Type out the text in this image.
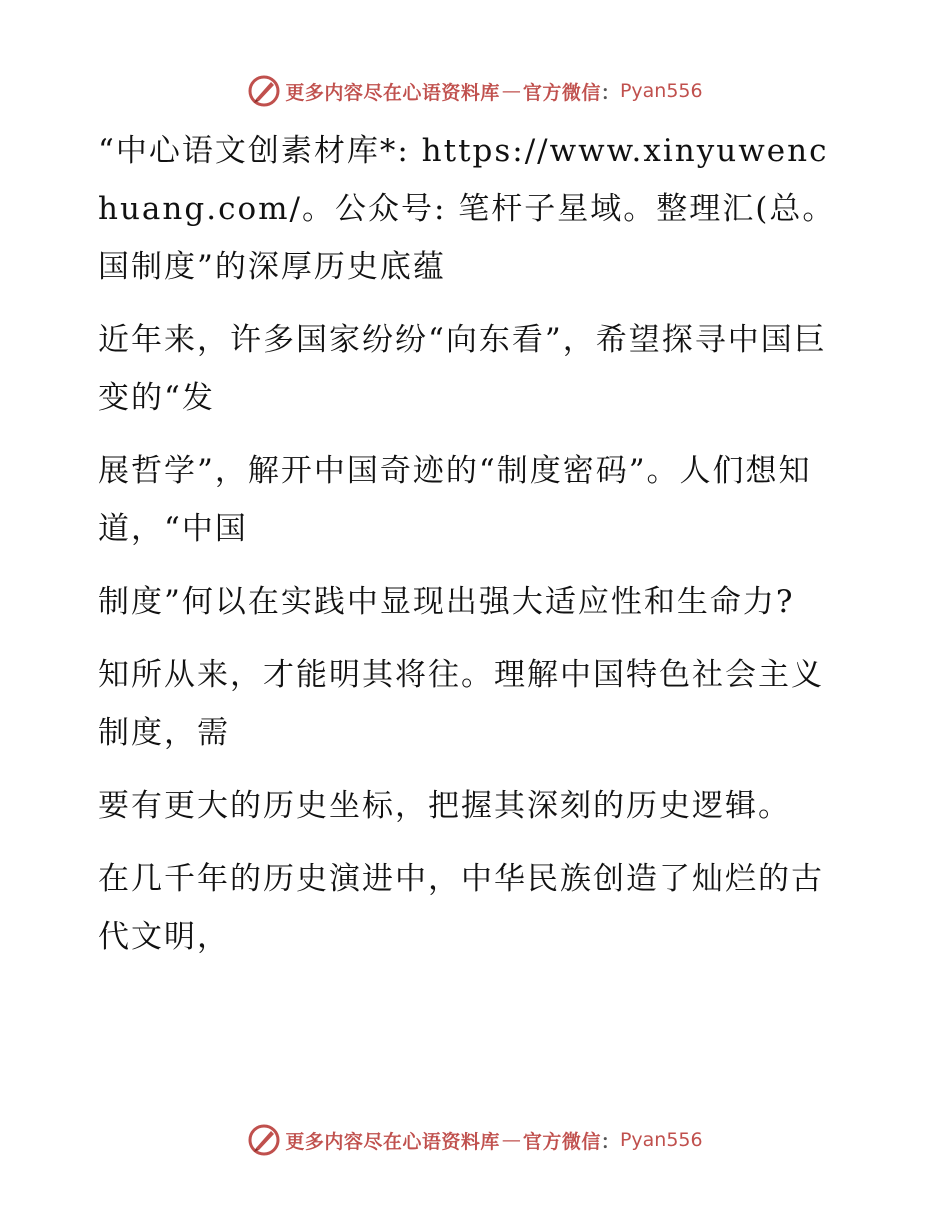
更多内容尽在心语资料库 — 官方微信 ： Pyan556

“中心语文创素材库*: https://www.xinyuwenchuang.com/。公众号: 笔杆子星域。整理汇(总。国制度”的深厚历史底蕴

近年来，许多国家纷纷“向东看”，希望探寻中国巨变的“发

展哲学”，解开中国奇迹的“制度密码”。人们想知道，“中国

制度”何以在实践中显现出强大适应性和生命力?

知所从来，才能明其将往。理解中国特色社会主义制度，需

要有更大的历史坐标，把握其深刻的历史逻辑。

在几千年的历史演进中，中华民族创造了灿烂的古代文明，

更多内容尽在心语资料库 — 官方微信 ： Pyan556
